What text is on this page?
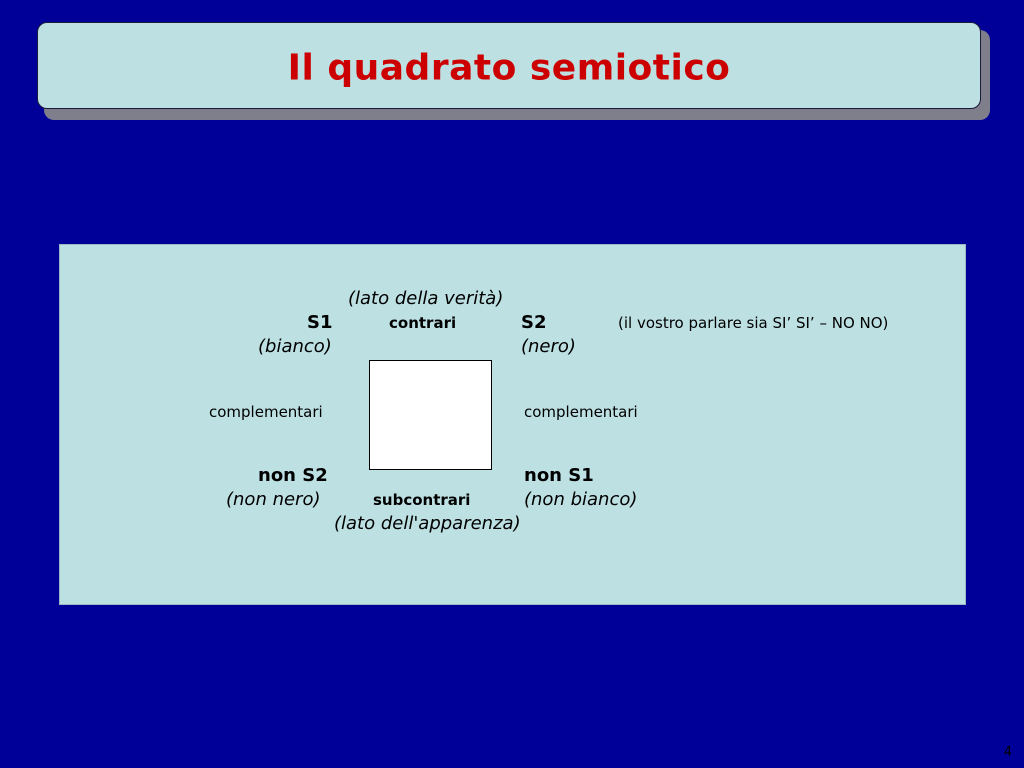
Il quadrato semiotico
(lato della verità)
S1	contrari	S2	(il vostro parlare sia SI’ SI’ – NO NO)
(bianco)	(nero)
complementari	complementari
non S2	non S1
(non nero)	subcontrari	(non bianco)
(lato dell'apparenza)
4
